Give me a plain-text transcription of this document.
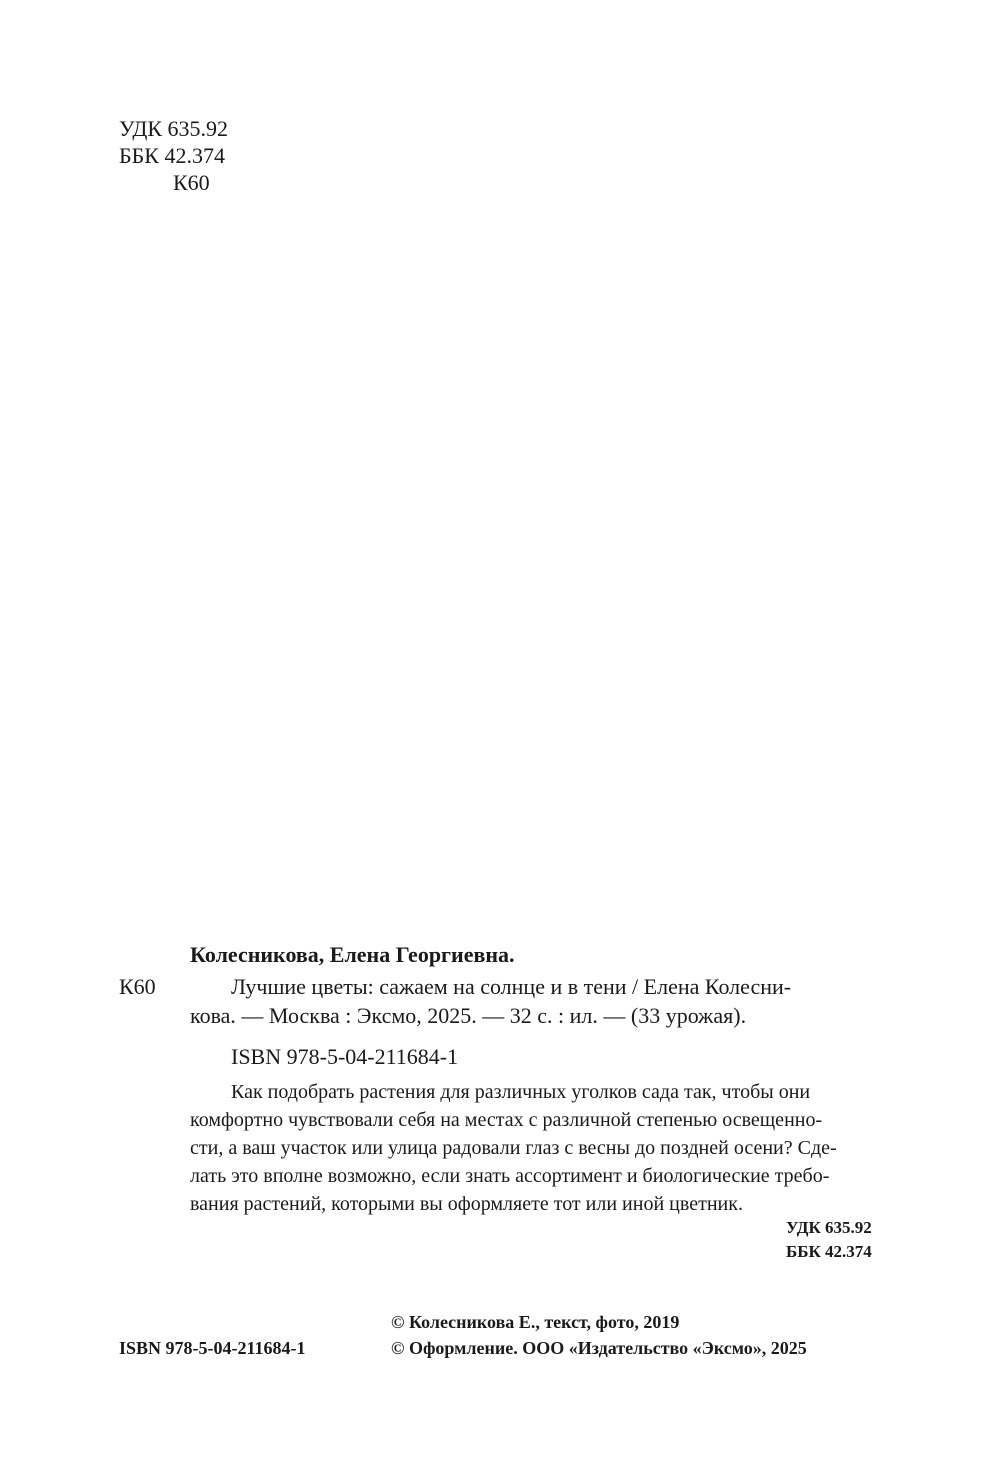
УДК 635.92
ББК 42.374
К60
Колесникова, Елена Георгиевна.
К60	Лучшие цветы: сажаем на солнце и в тени / Елена Колесни-
кова. — Москва : Эксмо, 2025. — 32 с. : ил. — (33 урожая).
ISBN 978-5-04-211684-1
Как подобрать растения для различных уголков сада так, чтобы они
комфортно чувствовали себя на местах с различной степенью освещенно-
сти, а ваш участок или улица радовали глаз с весны до поздней осени? Сде-
лать это вполне возможно, если знать ассортимент и биологические требо-
вания растений, которыми вы оформляете тот или иной цветник.
УДК 635.92
ББК 42.374
© Колесникова Е., текст, фото, 2019
© Оформление. ООО «Издательство «Эксмо», 2025
ISBN 978-5-04-211684-1
